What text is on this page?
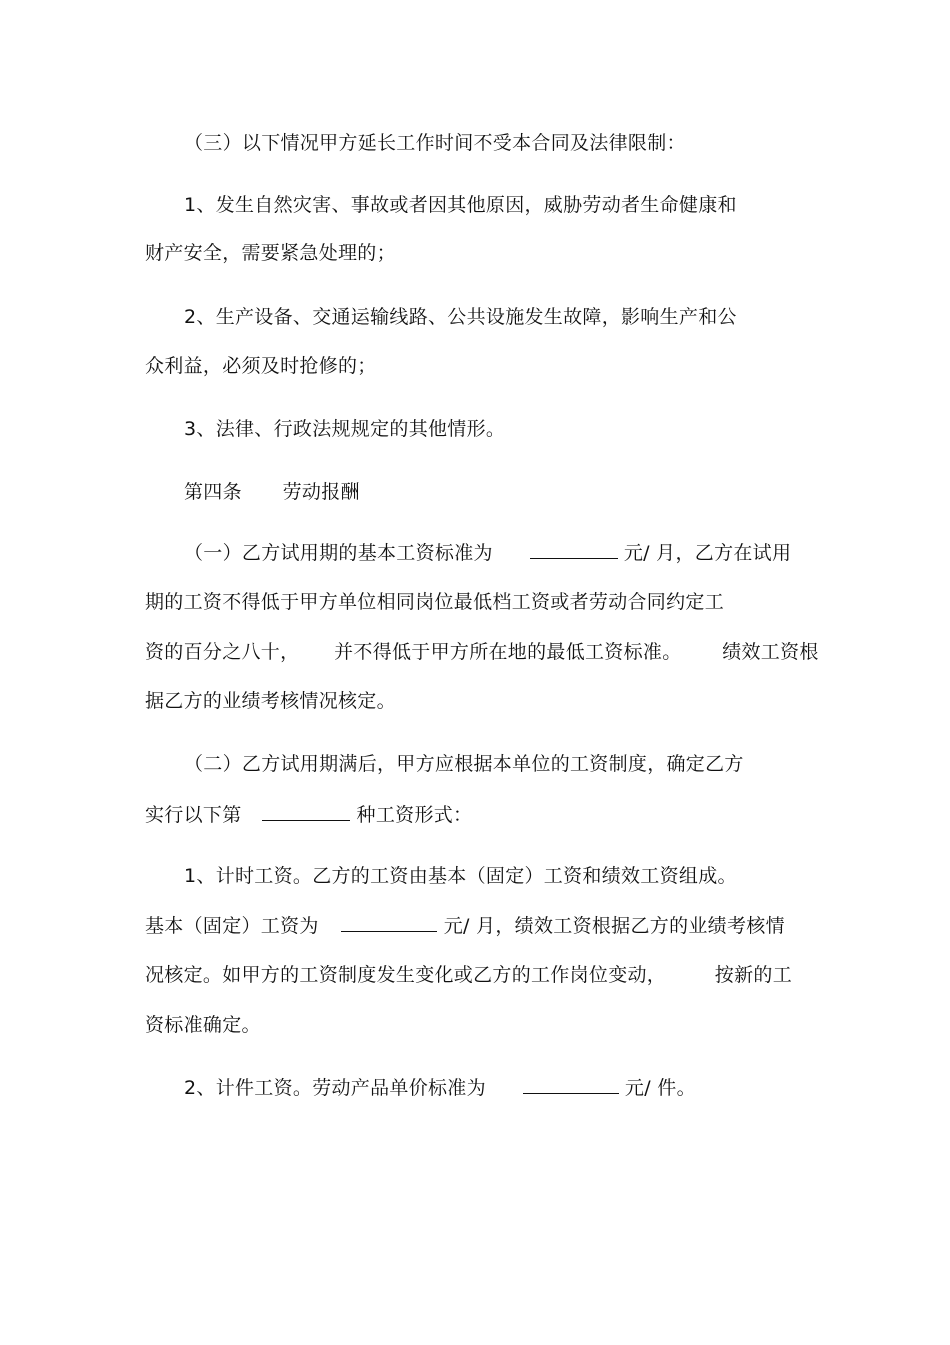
（三）以下情况甲方延长工作时间不受本合同及法律限制：
1、发生自然灾害、事故或者因其他原因，威胁劳动者生命健康和
财产安全，需要紧急处理的；
2、生产设备、交通运输线路、公共设施发生故障，影响生产和公
众利益，必须及时抢修的；
3、法律、行政法规规定的其他情形。
第四条 劳动报酬
（一）乙方试用期的基本工资标准为	元/ 月，乙方在试用
期的工资不得低于甲方单位相同岗位最低档工资或者劳动合同约定工
资的百分之八十， 并不得低于甲方所在地的最低工资标准。 绩效工资根
据乙方的业绩考核情况核定。
（二）乙方试用期满后，甲方应根据本单位的工资制度，确定乙方
实行以下第	种工资形式：
1、计时工资。乙方的工资由基本（固定）工资和绩效工资组成。
基本（固定）工资为	元/ 月，绩效工资根据乙方的业绩考核情
况核定。如甲方的工资制度发生变化或乙方的工作岗位变动，	按新的工
资标准确定。
2、计件工资。劳动产品单价标准为	元/ 件。
